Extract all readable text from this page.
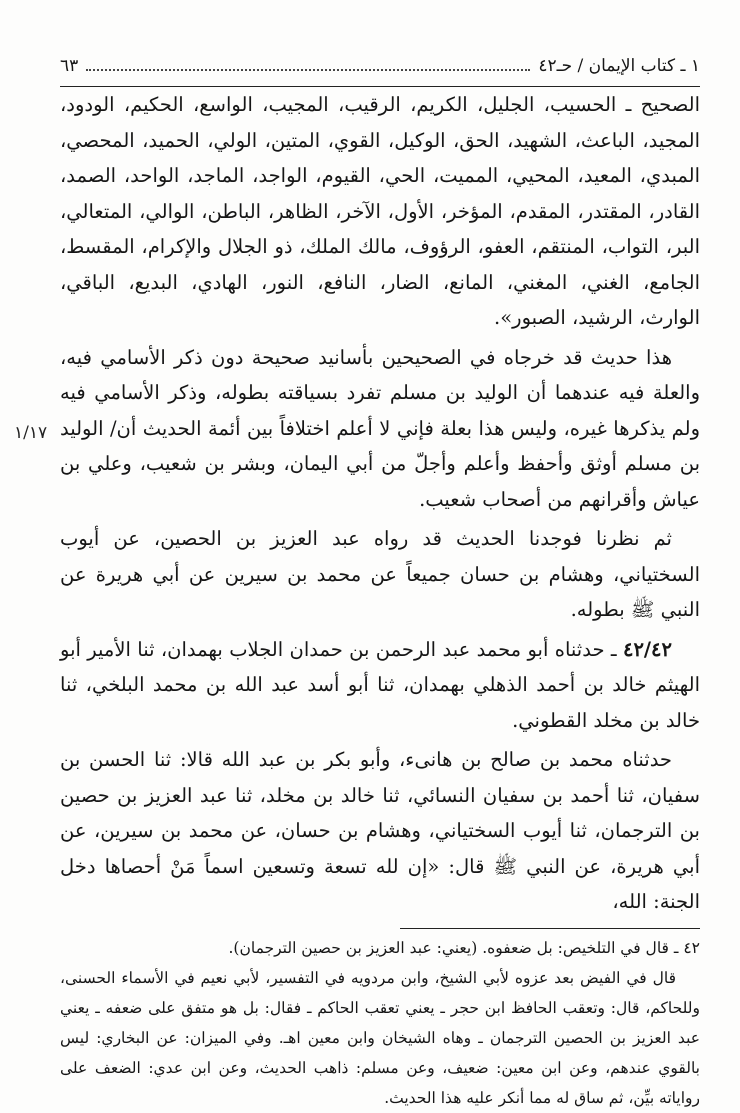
١ ـ كتاب الإيمان / حـ٤٢
٦٣

الصحيح ـ الحسيب، الجليل، الكريم، الرقيب، المجيب، الواسع، الحكيم، الودود، المجيد، الباعث، الشهيد، الحق، الوكيل، القوي، المتين، الولي، الحميد، المحصي، المبدي، المعيد، المحيي، المميت، الحي، القيوم، الواجد، الماجد، الواحد، الصمد، القادر، المقتدر، المقدم، المؤخر، الأول، الآخر، الظاهر، الباطن، الوالي، المتعالي، البر، التواب، المنتقم، العفو، الرؤوف، مالك الملك، ذو الجلال والإكرام، المقسط، الجامع، الغني، المغني، المانع، الضار، النافع، النور، الهادي، البديع، الباقي، الوارث، الرشيد، الصبور».

هذا حديث قد خرجاه في الصحيحين بأسانيد صحيحة دون ذكر الأسامي فيه، والعلة فيه عندهما أن الوليد بن مسلم تفرد بسياقته بطوله، وذكر الأسامي فيه ولم يذكرها غيره، وليس هذا بعلة فإني لا أعلم اختلافاً بين أئمة الحديث أن/ الوليد بن مسلم أوثق وأحفظ وأعلم وأجلّ من أبي اليمان، وبشر بن شعيب، وعلي بن عياش وأقرانهم من أصحاب شعيب.

ثم نظرنا فوجدنا الحديث قد رواه عبد العزيز بن الحصين، عن أيوب السختياني، وهشام بن حسان جميعاً عن محمد بن سيرين عن أبي هريرة عن النبي ﷺ بطوله.

٤٢/٤٢ ـ حدثناه أبو محمد عبد الرحمن بن حمدان الجلاب بهمدان، ثنا الأمير أبو الهيثم خالد بن أحمد الذهلي بهمدان، ثنا أبو أسد عبد الله بن محمد البلخي، ثنا خالد بن مخلد القطوني.

حدثناه محمد بن صالح بن هانىء، وأبو بكر بن عبد الله قالا: ثنا الحسن بن سفيان، ثنا أحمد بن سفيان النسائي، ثنا خالد بن مخلد، ثنا عبد العزيز بن حصين بن الترجمان، ثنا أيوب السختياني، وهشام بن حسان، عن محمد بن سيرين، عن أبي هريرة، عن النبي ﷺ قال: «إن لله تسعة وتسعين اسماً مَنْ أحصاها دخل الجنة: الله،

٤٢ ـ قال في التلخيص: بل ضعفوه. (يعني: عبد العزيز بن حصين الترجمان).

قال في الفيض بعد عزوه لأبي الشيخ، وابن مردويه في التفسير، لأبي نعيم في الأسماء الحسنى، وللحاكم، قال: وتعقب الحافظ ابن حجر ـ يعني تعقب الحاكم ـ فقال: بل هو متفق على ضعفه ـ يعني عبد العزيز بن الحصين الترجمان ـ وهاه الشيخان وابن معين اهـ. وفي الميزان: عن البخاري: ليس بالقوي عندهم، وعن ابن معين: ضعيف، وعن مسلم: ذاهب الحديث، وعن ابن عدي: الضعف على رواياته بيِّن، ثم ساق له مما أنكر عليه هذا الحديث.

١/١٧
